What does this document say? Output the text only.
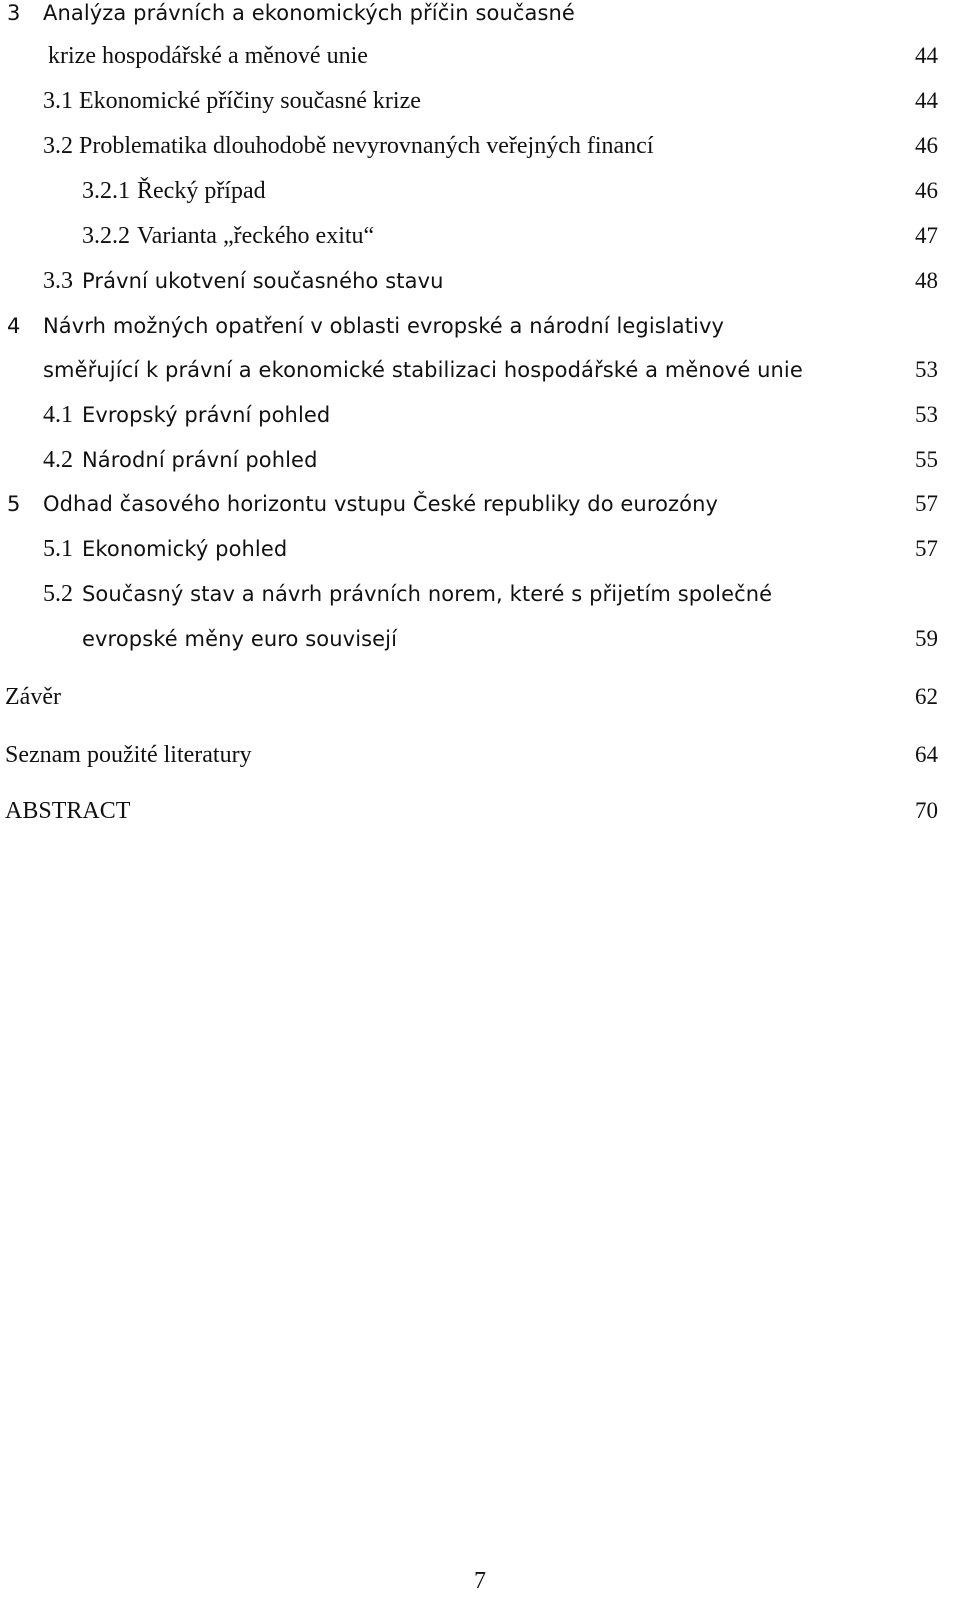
3 Analýza právních a ekonomických příčin současné
krize hospodářské a měnové unie	44
3.1 Ekonomické příčiny současné krize	44
3.2 Problematika dlouhodobě nevyrovnaných veřejných financí	46
3.2.1 Řecký případ	46
3.2.2 Varianta „řeckého exitu“	47
3.3 Právní ukotvení současného stavu	48
4 Návrh možných opatření v oblasti evropské a národní legislativy
směřující k právní a ekonomické stabilizaci hospodářské a měnové unie	53
4.1 Evropský právní pohled	53
4.2 Národní právní pohled	55
5 Odhad časového horizontu vstupu České republiky do eurozóny	57
5.1 Ekonomický pohled	57
5.2 Současný stav a návrh právních norem, které s přijetím společné
evropské měny euro souvisejí	59
Závěr	62
Seznam použité literatury	64
ABSTRACT	70
7
